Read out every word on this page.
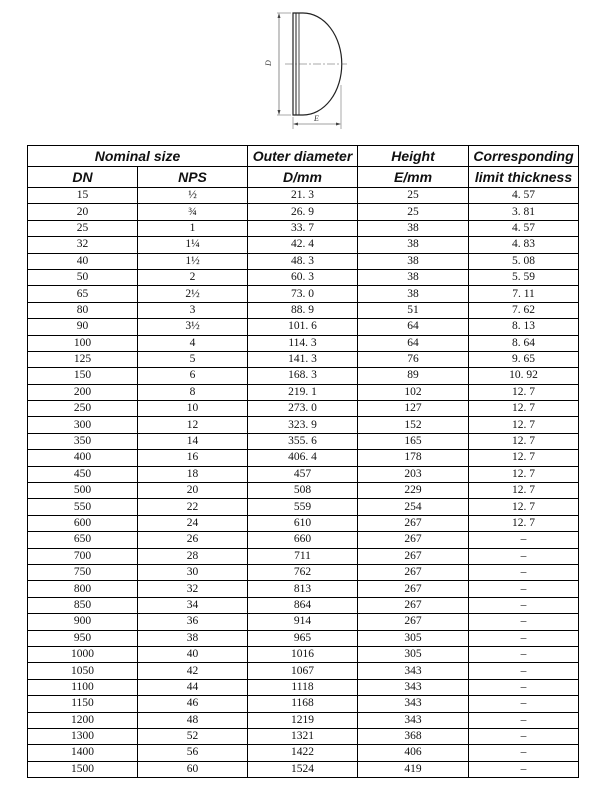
D
E
Nominal size		Outer diameter	Height	Corresponding
DN	NPS	D/mm	E/mm	limit thickness
15	½	21. 3	25	4. 57
20	¾	26. 9	25	3. 81
25	1	33. 7	38	4. 57
32	1¼	42. 4	38	4. 83
40	1½	48. 3	38	5. 08
50	2	60. 3	38	5. 59
65	2½	73. 0	38	7. 11
80	3	88. 9	51	7. 62
90	3½	101. 6	64	8. 13
100	4	114. 3	64	8. 64
125	5	141. 3	76	9. 65
150	6	168. 3	89	10. 92
200	8	219. 1	102	12. 7
250	10	273. 0	127	12. 7
300	12	323. 9	152	12. 7
350	14	355. 6	165	12. 7
400	16	406. 4	178	12. 7
450	18	457	203	12. 7
500	20	508	229	12. 7
550	22	559	254	12. 7
600	24	610	267	12. 7
650	26	660	267	–
700	28	711	267	–
750	30	762	267	–
800	32	813	267	–
850	34	864	267	–
900	36	914	267	–
950	38	965	305	–
1000	40	1016	305	–
1050	42	1067	343	–
1100	44	1118	343	–
1150	46	1168	343	–
1200	48	1219	343	–
1300	52	1321	368	–
1400	56	1422	406	–
1500	60	1524	419	–
